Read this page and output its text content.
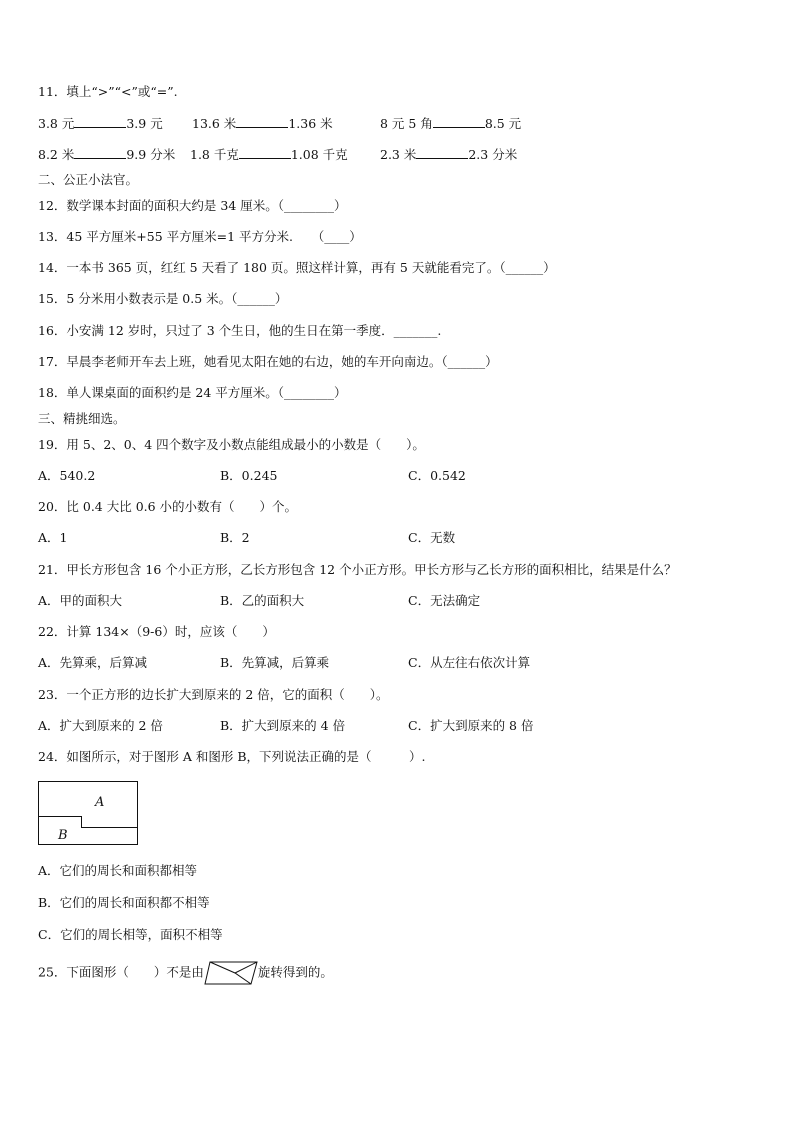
11．填上“>”“<”或“=”.
3.8 元	3.9 元 13.6 米	1.36 米	8 元 5 角	8.5 元
8.2 米	9.9 分米 1.8 千克	1.08 千克	2.3 米	2.3 分米
二、公正小法官。
12．数学课本封面的面积大约是 34 厘米。（________）
13．45 平方厘米+55 平方厘米=1 平方分米.　　（____）
14．一本书 365 页，红红 5 天看了 180 页。照这样计算，再有 5 天就能看完了。（______）
15．5 分米用小数表示是 0.5 米。（______）
16．小安满 12 岁时，只过了 3 个生日，他的生日在第一季度．_______.
17．早晨李老师开车去上班，她看见太阳在她的右边，她的车开向南边。（______）
18．单人课桌面的面积约是 24 平方厘米。（________）
三、精挑细选。
19．用 5、2、0、4 四个数字及小数点能组成最小的小数是（　　）。
A．540.2	B．0.245	C．0.542
20．比 0.4 大比 0.6 小的小数有（　　）个。
A．1	B．2	C．无数
21．甲长方形包含 16 个小正方形，乙长方形包含 12 个小正方形。甲长方形与乙长方形的面积相比，结果是什么？
A．甲的面积大	B．乙的面积大	C．无法确定
22．计算 134×（9-6）时，应该（　　）
A．先算乘，后算减	B．先算减，后算乘	C．从左往右依次计算
23．一个正方形的边长扩大到原来的 2 倍，它的面积（　　）。
A．扩大到原来的 2 倍	B．扩大到原来的 4 倍	C．扩大到原来的 8 倍
24．如图所示，对于图形 A 和图形 B，下列说法正确的是（　　　）.
A
B
A．它们的周长和面积都相等
B．它们的周长和面积都不相等
C．它们的周长相等，面积不相等
25．下面图形（　　）不是由	旋转得到的。
